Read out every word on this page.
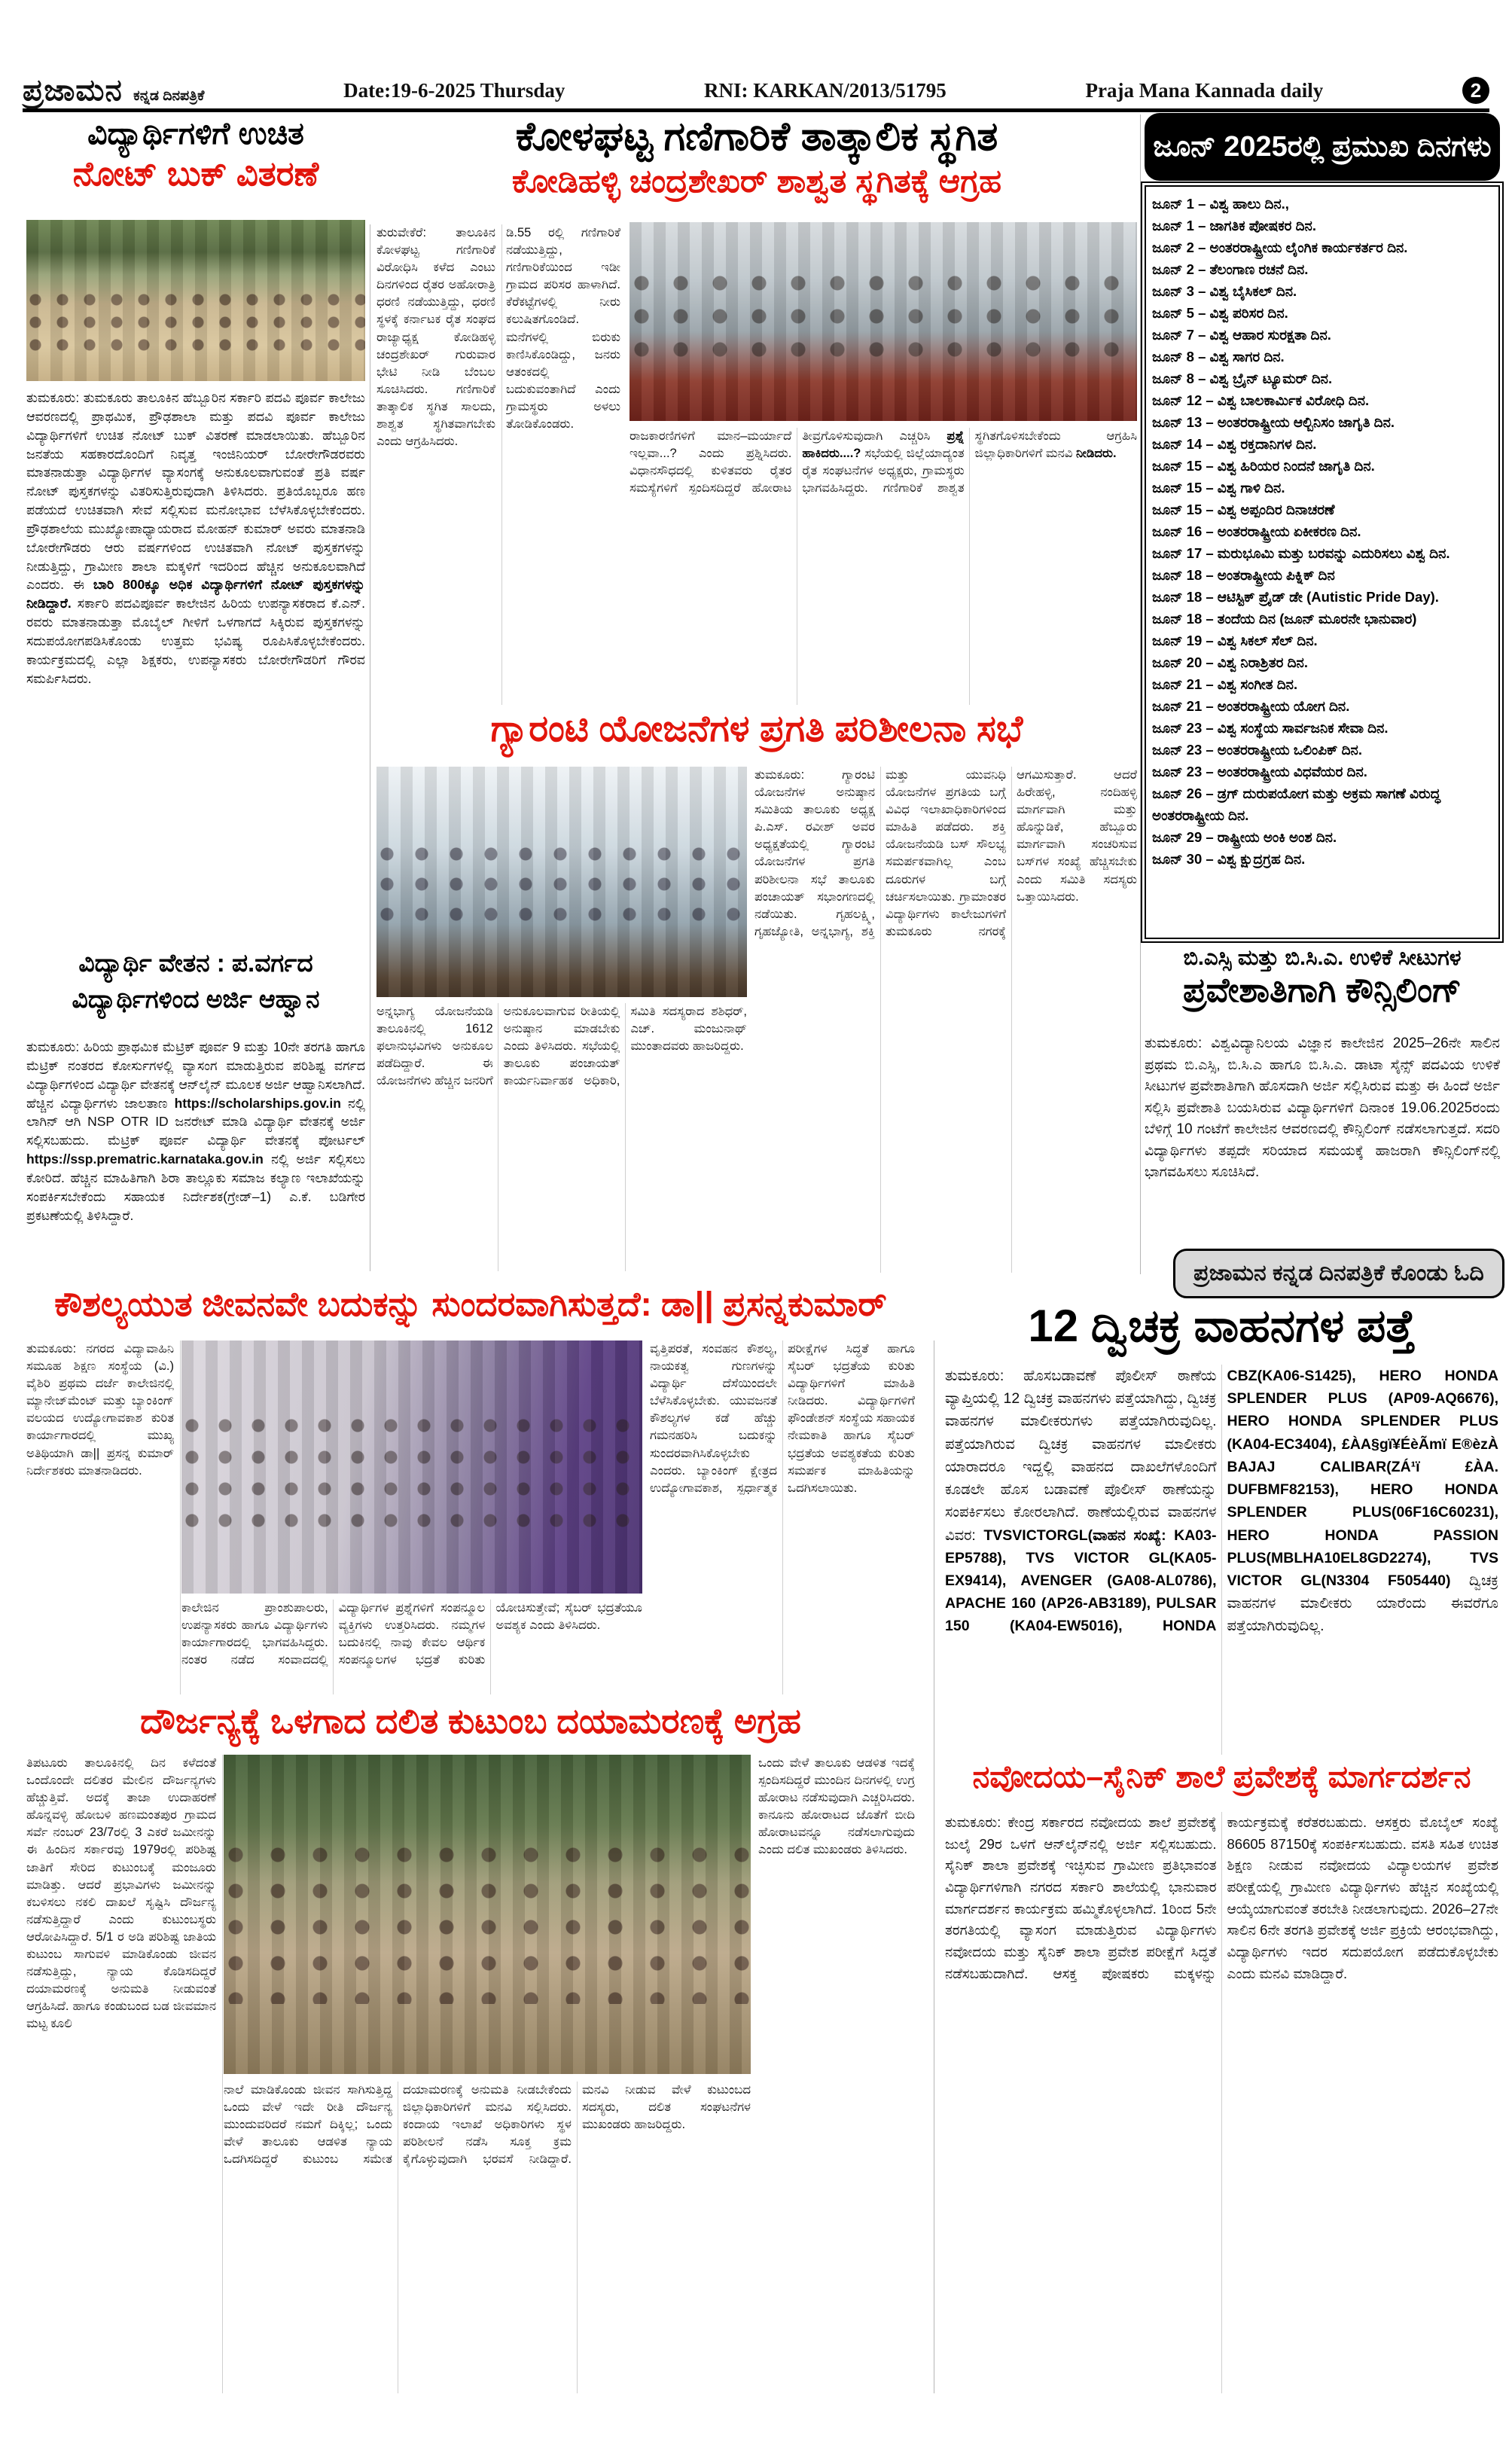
ಪ್ರಜಾಮನ ಕನ್ನಡ ದಿನಪತ್ರಿಕೆ	Date:19-6-2025 Thursday	RNI: KARKAN/2013/51795	Praja Mana Kannada daily	2
ವಿದ್ಯಾರ್ಥಿಗಳಿಗೆ ಉಚಿತ
ನೋಟ್ ಬುಕ್ ವಿತರಣೆ
ಕೋಳಘಟ್ಟ ಗಣಿಗಾರಿಕೆ ತಾತ್ಕಾಲಿಕ ಸ್ಥಗಿತ
ಕೋಡಿಹಳ್ಳಿ ಚಂದ್ರಶೇಖರ್ ಶಾಶ್ವತ ಸ್ಥಗಿತಕ್ಕೆ ಆಗ್ರಹ
ಜೂನ್ 2025ರಲ್ಲಿ ಪ್ರಮುಖ ದಿನಗಳು
ಜೂನ್ 1 – ವಿಶ್ವ ಹಾಲು ದಿನ.,
ಜೂನ್ 1 – ಜಾಗತಿಕ ಪೋಷಕರ ದಿನ.
ಜೂನ್ 2 – ಅಂತರರಾಷ್ಟ್ರೀಯ ಲೈಂಗಿಕ ಕಾರ್ಯಕರ್ತರ ದಿನ.
ಜೂನ್ 2 – ತೆಲಂಗಾಣ ರಚನೆ ದಿನ.
ಜೂನ್ 3 – ವಿಶ್ವ ಬೈಸಿಕಲ್ ದಿನ.
ಜೂನ್ 5 – ವಿಶ್ವ ಪರಿಸರ ದಿನ.
ಜೂನ್ 7 – ವಿಶ್ವ ಆಹಾರ ಸುರಕ್ಷತಾ ದಿನ.
ಜೂನ್ 8 – ವಿಶ್ವ ಸಾಗರ ದಿನ.
ಜೂನ್ 8 – ವಿಶ್ವ ಬ್ರೈನ್ ಟ್ಯೂಮರ್ ದಿನ.
ಜೂನ್ 12 – ವಿಶ್ವ ಬಾಲಕಾರ್ಮಿಕ ವಿರೋಧಿ ದಿನ.
ಜೂನ್ 13 – ಅಂತರರಾಷ್ಟ್ರೀಯ ಆಲ್ಬಿನಿಸಂ ಜಾಗೃತಿ ದಿನ.
ಜೂನ್ 14 – ವಿಶ್ವ ರಕ್ತದಾನಿಗಳ ದಿನ.
ಜೂನ್ 15 – ವಿಶ್ವ ಹಿರಿಯರ ನಿಂದನೆ ಜಾಗೃತಿ ದಿನ.
ಜೂನ್ 15 – ವಿಶ್ವ ಗಾಳಿ ದಿನ.
ಜೂನ್ 15 – ವಿಶ್ವ ಅಪ್ಪಂದಿರ ದಿನಾಚರಣೆ
ಜೂನ್ 16 – ಅಂತರರಾಷ್ಟ್ರೀಯ ಏಕೀಕರಣ ದಿನ.
ಜೂನ್ 17 – ಮರುಭೂಮಿ ಮತ್ತು ಬರವನ್ನು ಎದುರಿಸಲು ವಿಶ್ವ ದಿನ.
ಜೂನ್ 18 – ಅಂತರಾಷ್ಟ್ರೀಯ ಪಿಕ್ನಿಕ್ ದಿನ
ಜೂನ್ 18 – ಆಟಿಸ್ಟಿಕ್ ಪ್ರೈಡ್ ಡೇ (Autistic Pride Day).
ಜೂನ್ 18 – ತಂದೆಯ ದಿನ (ಜೂನ್ ಮೂರನೇ ಭಾನುವಾರ)
ಜೂನ್ 19 – ವಿಶ್ವ ಸಿಕಲ್ ಸೆಲ್ ದಿನ.
ಜೂನ್ 20 – ವಿಶ್ವ ನಿರಾಶ್ರಿತರ ದಿನ.
ಜೂನ್ 21 – ವಿಶ್ವ ಸಂಗೀತ ದಿನ.
ಜೂನ್ 21 – ಅಂತರರಾಷ್ಟ್ರೀಯ ಯೋಗ ದಿನ.
ಜೂನ್ 23 – ವಿಶ್ವ ಸಂಸ್ಥೆಯ ಸಾರ್ವಜನಿಕ ಸೇವಾ ದಿನ.
ಜೂನ್ 23 – ಅಂತರರಾಷ್ಟ್ರೀಯ ಒಲಿಂಪಿಕ್ ದಿನ.
ಜೂನ್ 23 – ಅಂತರರಾಷ್ಟ್ರೀಯ ವಿಧವೆಯರ ದಿನ.
ಜೂನ್ 26 – ಡ್ರಗ್ ದುರುಪಯೋಗ ಮತ್ತು ಅಕ್ರಮ ಸಾಗಣೆ ವಿರುದ್ಧ ಅಂತರರಾಷ್ಟ್ರೀಯ ದಿನ.
ಜೂನ್ 29 – ರಾಷ್ಟ್ರೀಯ ಅಂಕಿ ಅಂಶ ದಿನ.
ಜೂನ್ 30 – ವಿಶ್ವ ಕ್ಷುದ್ರಗ್ರಹ ದಿನ.
ತುಮಕೂರು: ತುಮಕೂರು ತಾಲೂಕಿನ ಹೆಬ್ಬೂರಿನ ಸರ್ಕಾರಿ ಪದವಿ ಪೂರ್ವ ಕಾಲೇಜು ಆವರಣದಲ್ಲಿ ಪ್ರಾಥಮಿಕ, ಪ್ರೌಢಶಾಲಾ ಮತ್ತು ಪದವಿ ಪೂರ್ವ ಕಾಲೇಜು ವಿದ್ಯಾರ್ಥಿಗಳಿಗೆ ಉಚಿತ ನೋಟ್ ಬುಕ್ ವಿತರಣೆ ಮಾಡಲಾಯಿತು. ಹೆಬ್ಬೂರಿನ ಜನತೆಯ ಸಹಕಾರದೊಂದಿಗೆ ನಿವೃತ್ತ ಇಂಜಿನಿಯರ್ ಬೋರೇಗೌಡರವರು ಮಾತನಾಡುತ್ತಾ ವಿದ್ಯಾರ್ಥಿಗಳ ವ್ಯಾಸಂಗಕ್ಕೆ ಅನುಕೂಲವಾಗುವಂತೆ ಪ್ರತಿ ವರ್ಷ ನೋಟ್ ಪುಸ್ತಕಗಳನ್ನು ವಿತರಿಸುತ್ತಿರುವುದಾಗಿ ತಿಳಿಸಿದರು. ಪ್ರತಿಯೊಬ್ಬರೂ ಹಣ ಪಡೆಯದೆ ಉಚಿತವಾಗಿ ಸೇವೆ ಸಲ್ಲಿಸುವ ಮನೋಭಾವ ಬೆಳೆಸಿಕೊಳ್ಳಬೇಕೆಂದರು. ಪ್ರೌಢಶಾಲೆಯ ಮುಖ್ಯೋಪಾಧ್ಯಾಯರಾದ ಮೋಹನ್ ಕುಮಾರ್ ಅವರು ಮಾತನಾಡಿ ಬೋರೇಗೌಡರು ಆರು ವರ್ಷಗಳಿಂದ ಉಚಿತವಾಗಿ ನೋಟ್ ಪುಸ್ತಕಗಳನ್ನು ನೀಡುತ್ತಿದ್ದು, ಗ್ರಾಮೀಣ ಶಾಲಾ ಮಕ್ಕಳಿಗೆ ಇದರಿಂದ ಹೆಚ್ಚಿನ ಅನುಕೂಲವಾಗಿದೆ ಎಂದರು. ಈ ಬಾರಿ 800ಕ್ಕೂ ಅಧಿಕ ವಿದ್ಯಾರ್ಥಿಗಳಿಗೆ ನೋಟ್ ಪುಸ್ತಕಗಳನ್ನು ನೀಡಿದ್ದಾರೆ. ಸರ್ಕಾರಿ ಪದವಿಪೂರ್ವ ಕಾಲೇಜಿನ ಹಿರಿಯ ಉಪನ್ಯಾಸಕರಾದ ಕೆ.ಎನ್. ರವರು ಮಾತನಾಡುತ್ತಾ ಮೊಬೈಲ್ ಗೀಳಿಗೆ ಒಳಗಾಗದೆ ಸಿಕ್ಕಿರುವ ಪುಸ್ತಕಗಳನ್ನು ಸದುಪಯೋಗಪಡಿಸಿಕೊಂಡು ಉತ್ತಮ ಭವಿಷ್ಯ ರೂಪಿಸಿಕೊಳ್ಳಬೇಕೆಂದರು. ಕಾರ್ಯಕ್ರಮದಲ್ಲಿ ಎಲ್ಲಾ ಶಿಕ್ಷಕರು, ಉಪನ್ಯಾಸಕರು ಬೋರೇಗೌಡರಿಗೆ ಗೌರವ ಸಮರ್ಪಿಸಿದರು.
ವಿದ್ಯಾರ್ಥಿ ವೇತನ : ಪ.ವರ್ಗದ
ವಿದ್ಯಾರ್ಥಿಗಳಿಂದ ಅರ್ಜಿ ಆಹ್ವಾನ
ತುಮಕೂರು: ಹಿರಿಯ ಪ್ರಾಥಮಿಕ ಮೆಟ್ರಿಕ್ ಪೂರ್ವ 9 ಮತ್ತು 10ನೇ ತರಗತಿ ಹಾಗೂ ಮೆಟ್ರಿಕ್ ನಂತರದ ಕೋರ್ಸುಗಳಲ್ಲಿ ವ್ಯಾಸಂಗ ಮಾಡುತ್ತಿರುವ ಪರಿಶಿಷ್ಟ ವರ್ಗದ ವಿದ್ಯಾರ್ಥಿಗಳಿಂದ ವಿದ್ಯಾರ್ಥಿ ವೇತನಕ್ಕೆ ಆನ್‌ಲೈನ್ ಮೂಲಕ ಅರ್ಜಿ ಆಹ್ವಾನಿಸಲಾಗಿದೆ. ಹೆಚ್ಚಿನ ವಿದ್ಯಾರ್ಥಿಗಳು ಜಾಲತಾಣ https://scholarships.gov.in ನಲ್ಲಿ ಲಾಗಿನ್ ಆಗಿ NSP OTR ID ಜನರೇಟ್ ಮಾಡಿ ವಿದ್ಯಾರ್ಥಿ ವೇತನಕ್ಕೆ ಅರ್ಜಿ ಸಲ್ಲಿಸಬಹುದು. ಮೆಟ್ರಿಕ್ ಪೂರ್ವ ವಿದ್ಯಾರ್ಥಿ ವೇತನಕ್ಕೆ ಪೋರ್ಟಲ್ https://ssp.prematric.karnataka.gov.in ನಲ್ಲಿ ಅರ್ಜಿ ಸಲ್ಲಿಸಲು ಕೋರಿದೆ. ಹೆಚ್ಚಿನ ಮಾಹಿತಿಗಾಗಿ ಶಿರಾ ತಾಲ್ಲೂಕು ಸಮಾಜ ಕಲ್ಯಾಣ ಇಲಾಖೆಯನ್ನು ಸಂಪರ್ಕಿಸಬೇಕೆಂದು ಸಹಾಯಕ ನಿರ್ದೇಶಕ(ಗ್ರೇಡ್–1) ಎ.ಕೆ. ಬಡಿಗೇರ ಪ್ರಕಟಣೆಯಲ್ಲಿ ತಿಳಿಸಿದ್ದಾರೆ.
ತುರುವೇಕೆರೆ: ತಾಲೂಕಿನ ಕೋಳಘಟ್ಟ ಗಣಿಗಾರಿಕೆ ವಿರೋಧಿಸಿ ಕಳೆದ ಎಂಟು ದಿನಗಳಿಂದ ರೈತರ ಅಹೋರಾತ್ರಿ ಧರಣಿ ನಡೆಯುತ್ತಿದ್ದು, ಧರಣಿ ಸ್ಥಳಕ್ಕೆ ಕರ್ನಾಟಕ ರೈತ ಸಂಘದ ರಾಜ್ಯಾಧ್ಯಕ್ಷ ಕೋಡಿಹಳ್ಳಿ ಚಂದ್ರಶೇಖರ್ ಗುರುವಾರ ಭೇಟಿ ನೀಡಿ ಬೆಂಬಲ ಸೂಚಿಸಿದರು. ಗಣಿಗಾರಿಕೆ ತಾತ್ಕಾಲಿಕ ಸ್ಥಗಿತ ಸಾಲದು, ಶಾಶ್ವತ ಸ್ಥಗಿತವಾಗಬೇಕು ಎಂದು ಆಗ್ರಹಿಸಿದರು.
ಡಿ.55 ರಲ್ಲಿ ಗಣಿಗಾರಿಕೆ ನಡೆಯುತ್ತಿದ್ದು, ಗಣಿಗಾರಿಕೆಯಿಂದ ಇಡೀ ಗ್ರಾಮದ ಪರಿಸರ ಹಾಳಾಗಿದೆ. ಕೆರೆಕಟ್ಟೆಗಳಲ್ಲಿ ನೀರು ಕಲುಷಿತಗೊಂಡಿದೆ. ಮನೆಗಳಲ್ಲಿ ಬಿರುಕು ಕಾಣಿಸಿಕೊಂಡಿದ್ದು, ಜನರು ಆತಂಕದಲ್ಲಿ ಬದುಕುವಂತಾಗಿದೆ ಎಂದು ಗ್ರಾಮಸ್ಥರು ಅಳಲು ತೋಡಿಕೊಂಡರು.
ರಾಜಕಾರಣಿಗಳಿಗೆ ಮಾನ–ಮರ್ಯಾದೆ ಇಲ್ಲವಾ...? ಎಂದು ಪ್ರಶ್ನಿಸಿದರು. ವಿಧಾನಸೌಧದಲ್ಲಿ ಕುಳಿತವರು ರೈತರ ಸಮಸ್ಯೆಗಳಿಗೆ ಸ್ಪಂದಿಸದಿದ್ದರೆ ಹೋರಾಟ ತೀವ್ರಗೊಳಿಸುವುದಾಗಿ ಎಚ್ಚರಿಸಿ ಪ್ರಶ್ನೆ ಹಾಕಿದರು....? ಸಭೆಯಲ್ಲಿ ಜಿಲ್ಲೆಯಾದ್ಯಂತ ರೈತ ಸಂಘಟನೆಗಳ ಅಧ್ಯಕ್ಷರು, ಗ್ರಾಮಸ್ಥರು ಭಾಗವಹಿಸಿದ್ದರು. ಗಣಿಗಾರಿಕೆ ಶಾಶ್ವತ ಸ್ಥಗಿತಗೊಳಿಸಬೇಕೆಂದು ಆಗ್ರಹಿಸಿ ಜಿಲ್ಲಾಧಿಕಾರಿಗಳಿಗೆ ಮನವಿ ನೀಡಿದರು.
ಗ್ಯಾರಂಟಿ ಯೋಜನೆಗಳ ಪ್ರಗತಿ ಪರಿಶೀಲನಾ ಸಭೆ
ತುಮಕೂರು: ಗ್ಯಾರಂಟಿ ಯೋಜನೆಗಳ ಅನುಷ್ಠಾನ ಸಮಿತಿಯ ತಾಲೂಕು ಅಧ್ಯಕ್ಷ ಪಿ.ಎಸ್. ರವೀಶ್ ಅವರ ಅಧ್ಯಕ್ಷತೆಯಲ್ಲಿ ಗ್ಯಾರಂಟಿ ಯೋಜನೆಗಳ ಪ್ರಗತಿ ಪರಿಶೀಲನಾ ಸಭೆ ತಾಲೂಕು ಪಂಚಾಯತ್ ಸಭಾಂಗಣದಲ್ಲಿ ನಡೆಯಿತು. ಗೃಹಲಕ್ಷ್ಮಿ, ಗೃಹಜ್ಯೋತಿ, ಅನ್ನಭಾಗ್ಯ, ಶಕ್ತಿ ಮತ್ತು ಯುವನಿಧಿ ಯೋಜನೆಗಳ ಪ್ರಗತಿಯ ಬಗ್ಗೆ ವಿವಿಧ ಇಲಾಖಾಧಿಕಾರಿಗಳಿಂದ ಮಾಹಿತಿ ಪಡೆದರು. ಶಕ್ತಿ ಯೋಜನೆಯಡಿ ಬಸ್ ಸೌಲಭ್ಯ ಸಮರ್ಪಕವಾಗಿಲ್ಲ ಎಂಬ ದೂರುಗಳ ಬಗ್ಗೆ ಚರ್ಚಿಸಲಾಯಿತು. ಗ್ರಾಮಾಂತರ ವಿದ್ಯಾರ್ಥಿಗಳು ಕಾಲೇಜುಗಳಿಗೆ ತುಮಕೂರು ನಗರಕ್ಕೆ ಆಗಮಿಸುತ್ತಾರೆ. ಆದರೆ ಹಿರೇಹಳ್ಳಿ, ನಂದಿಹಳ್ಳಿ ಮಾರ್ಗವಾಗಿ ಮತ್ತು ಹೊನ್ನುಡಿಕೆ, ಹೆಬ್ಬೂರು ಮಾರ್ಗವಾಗಿ ಸಂಚರಿಸುವ ಬಸ್‌ಗಳ ಸಂಖ್ಯೆ ಹೆಚ್ಚಿಸಬೇಕು ಎಂದು ಸಮಿತಿ ಸದಸ್ಯರು ಒತ್ತಾಯಿಸಿದರು.
ಅನ್ನಭಾಗ್ಯ ಯೋಜನೆಯಡಿ ತಾಲೂಕಿನಲ್ಲಿ 1612 ಫಲಾನುಭವಿಗಳು ಅನುಕೂಲ ಪಡೆದಿದ್ದಾರೆ. ಈ ಯೋಜನೆಗಳು ಹೆಚ್ಚಿನ ಜನರಿಗೆ ಅನುಕೂಲವಾಗುವ ರೀತಿಯಲ್ಲಿ ಅನುಷ್ಠಾನ ಮಾಡಬೇಕು ಎಂದು ತಿಳಿಸಿದರು. ಸಭೆಯಲ್ಲಿ ತಾಲೂಕು ಪಂಚಾಯತ್ ಕಾರ್ಯನಿರ್ವಾಹಕ ಅಧಿಕಾರಿ, ಸಮಿತಿ ಸದಸ್ಯರಾದ ಶಶಿಧರ್, ಎಚ್. ಮಂಜುನಾಥ್ ಮುಂತಾದವರು ಹಾಜರಿದ್ದರು.
ಬಿ.ಎಸ್ಸಿ ಮತ್ತು ಬಿ.ಸಿ.ಎ. ಉಳಿಕೆ ಸೀಟುಗಳ
ಪ್ರವೇಶಾತಿಗಾಗಿ ಕೌನ್ಸಿಲಿಂಗ್
ತುಮಕೂರು: ವಿಶ್ವವಿದ್ಯಾನಿಲಯ ವಿಜ್ಞಾನ ಕಾಲೇಜಿನ 2025–26ನೇ ಸಾಲಿನ ಪ್ರಥಮ ಬಿ.ಎಸ್ಸಿ, ಬಿ.ಸಿ.ಎ ಹಾಗೂ ಬಿ.ಸಿ.ಎ. ಡಾಟಾ ಸೈನ್ಸ್ ಪದವಿಯ ಉಳಿಕೆ ಸೀಟುಗಳ ಪ್ರವೇಶಾತಿಗಾಗಿ ಹೊಸದಾಗಿ ಅರ್ಜಿ ಸಲ್ಲಿಸಿರುವ ಮತ್ತು ಈ ಹಿಂದೆ ಅರ್ಜಿ ಸಲ್ಲಿಸಿ ಪ್ರವೇಶಾತಿ ಬಯಸಿರುವ ವಿದ್ಯಾರ್ಥಿಗಳಿಗೆ ದಿನಾಂಕ 19.06.2025ರಂದು ಬೆಳಿಗ್ಗೆ 10 ಗಂಟೆಗೆ ಕಾಲೇಜಿನ ಆವರಣದಲ್ಲಿ ಕೌನ್ಸಿಲಿಂಗ್ ನಡೆಸಲಾಗುತ್ತದೆ. ಸದರಿ ವಿದ್ಯಾರ್ಥಿಗಳು ತಪ್ಪದೇ ಸರಿಯಾದ ಸಮಯಕ್ಕೆ ಹಾಜರಾಗಿ ಕೌನ್ಸಿಲಿಂಗ್‌ನಲ್ಲಿ ಭಾಗವಹಿಸಲು ಸೂಚಿಸಿದೆ.
ಪ್ರಜಾಮನ ಕನ್ನಡ ದಿನಪತ್ರಿಕೆ ಕೊಂಡು ಓದಿ
ಕೌಶಲ್ಯಯುತ ಜೀವನವೇ ಬದುಕನ್ನು ಸುಂದರವಾಗಿಸುತ್ತದೆ: ಡಾ|| ಪ್ರಸನ್ನಕುಮಾರ್	12 ದ್ವಿಚಕ್ರ ವಾಹನಗಳ ಪತ್ತೆ
ತುಮಕೂರು: ನಗರದ ವಿದ್ಯಾವಾಹಿನಿ ಸಮೂಹ ಶಿಕ್ಷಣ ಸಂಸ್ಥೆಯ (ವಿ.) ವೈಶಿರಿ ಪ್ರಥಮ ದರ್ಜೆ ಕಾಲೇಜಿನಲ್ಲಿ ಮ್ಯಾನೇಜ್‌ಮೆಂಟ್ ಮತ್ತು ಬ್ಯಾಂಕಿಂಗ್ ವಲಯದ ಉದ್ಯೋಗಾವಕಾಶ ಕುರಿತ ಕಾರ್ಯಾಗಾರದಲ್ಲಿ ಮುಖ್ಯ ಅತಿಥಿಯಾಗಿ ಡಾ|| ಪ್ರಸನ್ನ ಕುಮಾರ್ ನಿರ್ದೇಶಕರು ಮಾತನಾಡಿದರು.
ವೃತ್ತಿಪರತೆ, ಸಂವಹನ ಕೌಶಲ್ಯ, ನಾಯಕತ್ವ ಗುಣಗಳನ್ನು ವಿದ್ಯಾರ್ಥಿ ದೆಸೆಯಿಂದಲೇ ಬೆಳೆಸಿಕೊಳ್ಳಬೇಕು. ಯುವಜನತೆ ಕೌಶಲ್ಯಗಳ ಕಡೆ ಹೆಚ್ಚು ಗಮನಹರಿಸಿ ಬದುಕನ್ನು ಸುಂದರವಾಗಿಸಿಕೊಳ್ಳಬೇಕು ಎಂದರು. ಬ್ಯಾಂಕಿಂಗ್ ಕ್ಷೇತ್ರದ ಉದ್ಯೋಗಾವಕಾಶ, ಸ್ಪರ್ಧಾತ್ಮಕ ಪರೀಕ್ಷೆಗಳ ಸಿದ್ಧತೆ ಹಾಗೂ ಸೈಬರ್ ಭದ್ರತೆಯ ಕುರಿತು ವಿದ್ಯಾರ್ಥಿಗಳಿಗೆ ಮಾಹಿತಿ ನೀಡಿದರು. ವಿದ್ಯಾರ್ಥಿಗಳಿಗೆ ಫೌಂಡೇಶನ್ ಸಂಸ್ಥೆಯ ಸಹಾಯಕ ನೇಮಕಾತಿ ಹಾಗೂ ಸೈಬರ್ ಭದ್ರತೆಯ ಅವಶ್ಯಕತೆಯ ಕುರಿತು ಸಮರ್ಪಕ ಮಾಹಿತಿಯನ್ನು ಒದಗಿಸಲಾಯಿತು.
ಕಾಲೇಜಿನ ಪ್ರಾಂಶುಪಾಲರು, ಉಪನ್ಯಾಸಕರು ಹಾಗೂ ವಿದ್ಯಾರ್ಥಿಗಳು ಕಾರ್ಯಾಗಾರದಲ್ಲಿ ಭಾಗವಹಿಸಿದ್ದರು. ನಂತರ ನಡೆದ ಸಂವಾದದಲ್ಲಿ ವಿದ್ಯಾರ್ಥಿಗಳ ಪ್ರಶ್ನೆಗಳಿಗೆ ಸಂಪನ್ಮೂಲ ವ್ಯಕ್ತಿಗಳು ಉತ್ತರಿಸಿದರು. ನಮ್ಮಗಳ ಬದುಕಿನಲ್ಲಿ ನಾವು ಕೇವಲ ಆರ್ಥಿಕ ಸಂಪನ್ಮೂಲಗಳ ಭದ್ರತೆ ಕುರಿತು ಯೋಚಿಸುತ್ತೇವೆ; ಸೈಬರ್ ಭದ್ರತೆಯೂ ಅವಶ್ಯಕ ಎಂದು ತಿಳಿಸಿದರು.
ತುಮಕೂರು: ಹೊಸಬಡಾವಣೆ ಪೊಲೀಸ್ ಠಾಣೆಯ ವ್ಯಾಪ್ತಿಯಲ್ಲಿ 12 ದ್ವಿಚಕ್ರ ವಾಹನಗಳು ಪತ್ತೆಯಾಗಿದ್ದು, ದ್ವಿಚಕ್ರ ವಾಹನಗಳ ಮಾಲೀಕರುಗಳು ಪತ್ತೆಯಾಗಿರುವುದಿಲ್ಲ. ಪತ್ತೆಯಾಗಿರುವ ದ್ವಿಚಕ್ರ ವಾಹನಗಳ ಮಾಲೀಕರು ಯಾರಾದರೂ ಇದ್ದಲ್ಲಿ ವಾಹನದ ದಾಖಲೆಗಳೊಂದಿಗೆ ಕೂಡಲೇ ಹೊಸ ಬಡಾವಣೆ ಪೊಲೀಸ್ ಠಾಣೆಯನ್ನು ಸಂಪರ್ಕಿಸಲು ಕೋರಲಾಗಿದೆ. ಠಾಣೆಯಲ್ಲಿರುವ ವಾಹನಗಳ ವಿವರ: TVSVICTORGL(ವಾಹನ ಸಂಖ್ಯೆ: KA03-EP5788), TVS VICTOR GL(KA05-EX9414), AVENGER (GA08-AL0786), APACHE 160 (AP26-AB3189), PULSAR 150 (KA04-EW5016), HONDA CBZ(KA06-S1425), HERO HONDA SPLENDER PLUS (AP09-AQ6676), HERO HONDA SPLENDER PLUS (KA04-EC3404), £ÀA§gï¥ÉèÃmï E®èzÀ BAJAJ CALIBAR(ZÁ¹ï £ÀA. DUFBMF82153), HERO HONDA SPLENDER PLUS(06F16C60231), HERO HONDA PASSION PLUS(MBLHA10EL8GD2274), TVS VICTOR GL(N3304 F505440) ದ್ವಿಚಕ್ರ ವಾಹನಗಳ ಮಾಲೀಕರು ಯಾರೆಂದು ಈವರೆಗೂ ಪತ್ತೆಯಾಗಿರುವುದಿಲ್ಲ.
ದೌರ್ಜನ್ಯಕ್ಕೆ ಒಳಗಾದ ದಲಿತ ಕುಟುಂಬ ದಯಾಮರಣಕ್ಕೆ ಅಗ್ರಹ
ತಿಪಟೂರು ತಾಲೂಕಿನಲ್ಲಿ ದಿನ ಕಳೆದಂತೆ ಒಂದೊಂದೇ ದಲಿತರ ಮೇಲಿನ ದೌರ್ಜನ್ಯಗಳು ಹೆಚ್ಚುತ್ತಿವೆ. ಅದಕ್ಕೆ ತಾಜಾ ಉದಾಹರಣೆ ಹೊನ್ನವಳ್ಳಿ ಹೋಬಳಿ ಹಣಮಂತಪುರ ಗ್ರಾಮದ ಸರ್ವೆ ನಂಬರ್ 23/7ರಲ್ಲಿ 3 ಎಕರೆ ಜಮೀನನ್ನು ಈ ಹಿಂದಿನ ಸರ್ಕಾರವು 1979ರಲ್ಲಿ ಪರಿಶಿಷ್ಟ ಜಾತಿಗೆ ಸೇರಿದ ಕುಟುಂಬಕ್ಕೆ ಮಂಜೂರು ಮಾಡಿತ್ತು. ಆದರೆ ಪ್ರಭಾವಿಗಳು ಜಮೀನನ್ನು ಕಬಳಿಸಲು ನಕಲಿ ದಾಖಲೆ ಸೃಷ್ಟಿಸಿ ದೌರ್ಜನ್ಯ ನಡೆಸುತ್ತಿದ್ದಾರೆ ಎಂದು ಕುಟುಂಬಸ್ಥರು ಆರೋಪಿಸಿದ್ದಾರೆ. 5/1 ರ ಅಡಿ ಪರಿಶಿಷ್ಟ ಜಾತಿಯ ಕುಟುಂಬ ಸಾಗುವಳಿ ಮಾಡಿಕೊಂಡು ಜೀವನ ನಡೆಸುತ್ತಿದ್ದು, ನ್ಯಾಯ ಕೊಡಿಸದಿದ್ದರೆ ದಯಾಮರಣಕ್ಕೆ ಅನುಮತಿ ನೀಡುವಂತೆ ಆಗ್ರಹಿಸಿದೆ. ಹಾಗೂ ಕಂಡುಬಂದ ಬಡ ಜೀವಮಾನ ಮಟ್ಟ ಕೂಲಿ
ನಾಲೆ ಮಾಡಿಕೊಂಡು ಜೀವನ ಸಾಗಿಸುತ್ತಿದ್ದ ಒಂದು ವೇಳೆ ಇದೇ ರೀತಿ ದೌರ್ಜನ್ಯ ಮುಂದುವರಿದರೆ ನಮಗೆ ದಿಕ್ಕಿಲ್ಲ; ಒಂದು ವೇಳೆ ತಾಲೂಕು ಆಡಳಿತ ನ್ಯಾಯ ಒದಗಿಸದಿದ್ದರೆ ಕುಟುಂಬ ಸಮೇತ ದಯಾಮರಣಕ್ಕೆ ಅನುಮತಿ ನೀಡಬೇಕೆಂದು ಜಿಲ್ಲಾಧಿಕಾರಿಗಳಿಗೆ ಮನವಿ ಸಲ್ಲಿಸಿದರು. ಕಂದಾಯ ಇಲಾಖೆ ಅಧಿಕಾರಿಗಳು ಸ್ಥಳ ಪರಿಶೀಲನೆ ನಡೆಸಿ ಸೂಕ್ತ ಕ್ರಮ ಕೈಗೊಳ್ಳುವುದಾಗಿ ಭರವಸೆ ನೀಡಿದ್ದಾರೆ. ಮನವಿ ನೀಡುವ ವೇಳೆ ಕುಟುಂಬದ ಸದಸ್ಯರು, ದಲಿತ ಸಂಘಟನೆಗಳ ಮುಖಂಡರು ಹಾಜರಿದ್ದರು.
ಒಂದು ವೇಳೆ ತಾಲೂಕು ಆಡಳಿತ ಇದಕ್ಕೆ ಸ್ಪಂದಿಸದಿದ್ದರೆ ಮುಂದಿನ ದಿನಗಳಲ್ಲಿ ಉಗ್ರ ಹೋರಾಟ ನಡೆಸುವುದಾಗಿ ಎಚ್ಚರಿಸಿದರು. ಕಾನೂನು ಹೋರಾಟದ ಜೊತೆಗೆ ಬೀದಿ ಹೋರಾಟವನ್ನೂ ನಡೆಸಲಾಗುವುದು ಎಂದು ದಲಿತ ಮುಖಂಡರು ತಿಳಿಸಿದರು.
ನವೋದಯ–ಸೈನಿಕ್ ಶಾಲೆ ಪ್ರವೇಶಕ್ಕೆ ಮಾರ್ಗದರ್ಶನ
ತುಮಕೂರು: ಕೇಂದ್ರ ಸರ್ಕಾರದ ನವೋದಯ ಶಾಲೆ ಪ್ರವೇಶಕ್ಕೆ ಜುಲೈ 29ರ ಒಳಗೆ ಆನ್‌ಲೈನ್‌ನಲ್ಲಿ ಅರ್ಜಿ ಸಲ್ಲಿಸಬಹುದು. ಸೈನಿಕ್ ಶಾಲಾ ಪ್ರವೇಶಕ್ಕೆ ಇಚ್ಛಿಸುವ ಗ್ರಾಮೀಣ ಪ್ರತಿಭಾವಂತ ವಿದ್ಯಾರ್ಥಿಗಳಿಗಾಗಿ ನಗರದ ಸರ್ಕಾರಿ ಶಾಲೆಯಲ್ಲಿ ಭಾನುವಾರ ಮಾರ್ಗದರ್ಶನ ಕಾರ್ಯಕ್ರಮ ಹಮ್ಮಿಕೊಳ್ಳಲಾಗಿದೆ. 1ರಿಂದ 5ನೇ ತರಗತಿಯಲ್ಲಿ ವ್ಯಾಸಂಗ ಮಾಡುತ್ತಿರುವ ವಿದ್ಯಾರ್ಥಿಗಳು ನವೋದಯ ಮತ್ತು ಸೈನಿಕ್ ಶಾಲಾ ಪ್ರವೇಶ ಪರೀಕ್ಷೆಗೆ ಸಿದ್ಧತೆ ನಡೆಸಬಹುದಾಗಿದೆ. ಆಸಕ್ತ ಪೋಷಕರು ಮಕ್ಕಳನ್ನು ಕಾರ್ಯಕ್ರಮಕ್ಕೆ ಕರೆತರಬಹುದು. ಆಸಕ್ತರು ಮೊಬೈಲ್ ಸಂಖ್ಯೆ 86605 87150ಕ್ಕೆ ಸಂಪರ್ಕಿಸಬಹುದು. ವಸತಿ ಸಹಿತ ಉಚಿತ ಶಿಕ್ಷಣ ನೀಡುವ ನವೋದಯ ವಿದ್ಯಾಲಯಗಳ ಪ್ರವೇಶ ಪರೀಕ್ಷೆಯಲ್ಲಿ ಗ್ರಾಮೀಣ ವಿದ್ಯಾರ್ಥಿಗಳು ಹೆಚ್ಚಿನ ಸಂಖ್ಯೆಯಲ್ಲಿ ಆಯ್ಕೆಯಾಗುವಂತೆ ತರಬೇತಿ ನೀಡಲಾಗುವುದು. 2026–27ನೇ ಸಾಲಿನ 6ನೇ ತರಗತಿ ಪ್ರವೇಶಕ್ಕೆ ಅರ್ಜಿ ಪ್ರಕ್ರಿಯೆ ಆರಂಭವಾಗಿದ್ದು, ವಿದ್ಯಾರ್ಥಿಗಳು ಇದರ ಸದುಪಯೋಗ ಪಡೆದುಕೊಳ್ಳಬೇಕು ಎಂದು ಮನವಿ ಮಾಡಿದ್ದಾರೆ.
